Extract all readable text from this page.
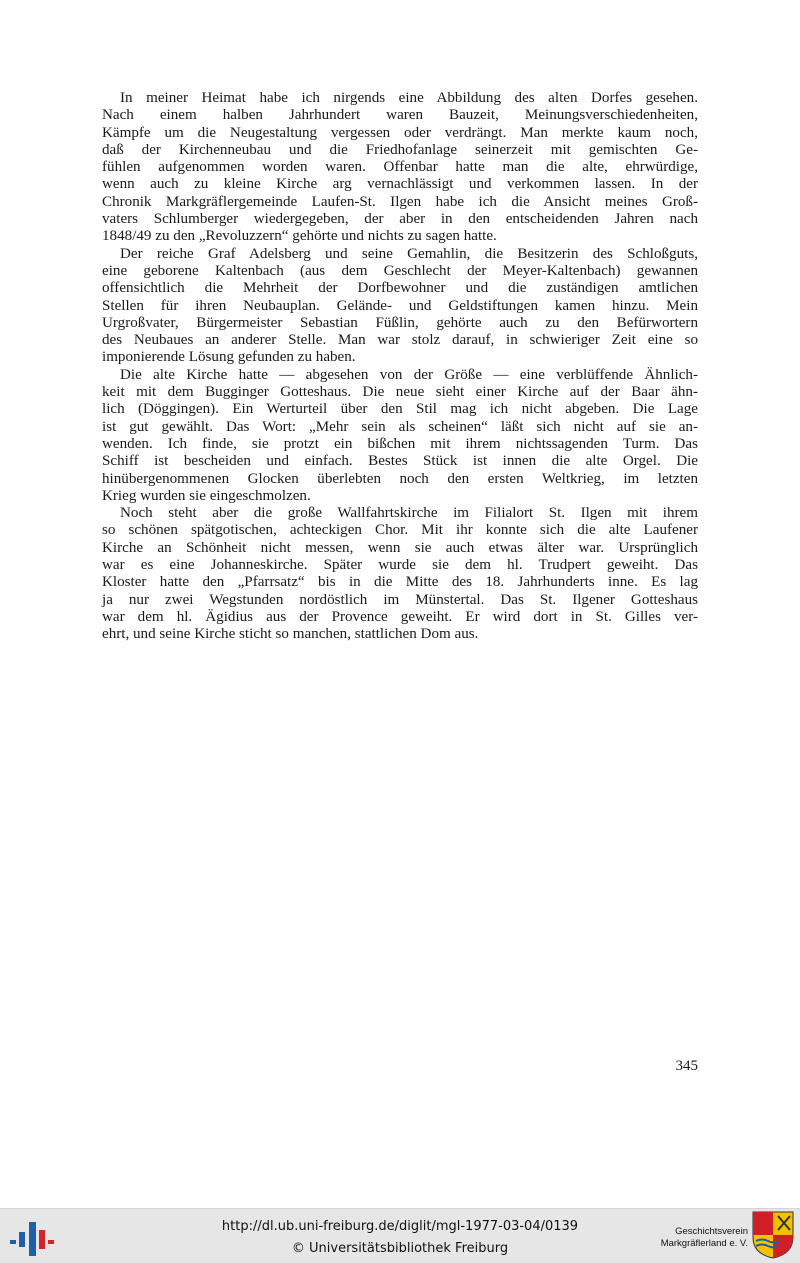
In meiner Heimat habe ich nirgends eine Abbildung des alten Dorfes gesehen.
Nach einem halben Jahrhundert waren Bauzeit, Meinungsverschiedenheiten,
Kämpfe um die Neugestaltung vergessen oder verdrängt. Man merkte kaum noch,
daß der Kirchenneubau und die Friedhofanlage seinerzeit mit gemischten Ge-
fühlen aufgenommen worden waren. Offenbar hatte man die alte, ehrwürdige,
wenn auch zu kleine Kirche arg vernachlässigt und verkommen lassen. In der
Chronik Markgräflergemeinde Laufen-St. Ilgen habe ich die Ansicht meines Groß-
vaters Schlumberger wiedergegeben, der aber in den entscheidenden Jahren nach
1848/49 zu den „Revoluzzern“ gehörte und nichts zu sagen hatte.
Der reiche Graf Adelsberg und seine Gemahlin, die Besitzerin des Schloßguts,
eine geborene Kaltenbach (aus dem Geschlecht der Meyer-Kaltenbach) gewannen
offensichtlich die Mehrheit der Dorfbewohner und die zuständigen amtlichen
Stellen für ihren Neubauplan. Gelände- und Geldstiftungen kamen hinzu. Mein
Urgroßvater, Bürgermeister Sebastian Füßlin, gehörte auch zu den Befürwortern
des Neubaues an anderer Stelle. Man war stolz darauf, in schwieriger Zeit eine so
imponierende Lösung gefunden zu haben.
Die alte Kirche hatte — abgesehen von der Größe — eine verblüffende Ähnlich-
keit mit dem Bugginger Gotteshaus. Die neue sieht einer Kirche auf der Baar ähn-
lich (Döggingen). Ein Werturteil über den Stil mag ich nicht abgeben. Die Lage
ist gut gewählt. Das Wort: „Mehr sein als scheinen“ läßt sich nicht auf sie an-
wenden. Ich finde, sie protzt ein bißchen mit ihrem nichtssagenden Turm. Das
Schiff ist bescheiden und einfach. Bestes Stück ist innen die alte Orgel. Die
hinübergenommenen Glocken überlebten noch den ersten Weltkrieg, im letzten
Krieg wurden sie eingeschmolzen.
Noch steht aber die große Wallfahrtskirche im Filialort St. Ilgen mit ihrem
so schönen spätgotischen, achteckigen Chor. Mit ihr konnte sich die alte Laufener
Kirche an Schönheit nicht messen, wenn sie auch etwas älter war. Ursprünglich
war es eine Johanneskirche. Später wurde sie dem hl. Trudpert geweiht. Das
Kloster hatte den „Pfarrsatz“ bis in die Mitte des 18. Jahrhunderts inne. Es lag
ja nur zwei Wegstunden nordöstlich im Münstertal. Das St. Ilgener Gotteshaus
war dem hl. Ägidius aus der Provence geweiht. Er wird dort in St. Gilles ver-
ehrt, und seine Kirche sticht so manchen, stattlichen Dom aus.
345
http://dl.ub.uni-freiburg.de/diglit/mgl-1977-03-04/0139
© Universitätsbibliothek Freiburg
Geschichtsverein
Markgräflerland e. V.
